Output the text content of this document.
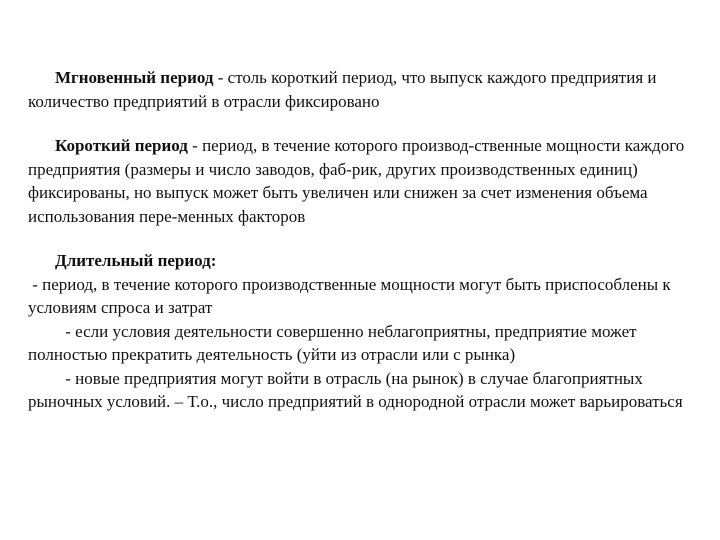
Мгновенный период - столь короткий период, что выпуск каждого предприятия и количество предприятий в отрасли фиксировано

Короткий период - период, в течение которого производ-ственные мощности каждого предприятия (размеры и число заводов, фаб-рик, других производственных единиц) фиксированы, но выпуск может быть увеличен или снижен за счет изменения объема использования пере-менных факторов

Длительный период:
- период, в течение которого производственные мощности могут быть приспособлены к условиям спроса и затрат
- если условия деятельности совершенно неблагоприятны, предприятие может полностью прекратить деятельность (уйти из отрасли или с рынка)
- новые предприятия могут войти в отрасль (на рынок) в случае благоприятных рыночных условий. – Т.о., число предприятий в однородной отрасли может варьироваться
